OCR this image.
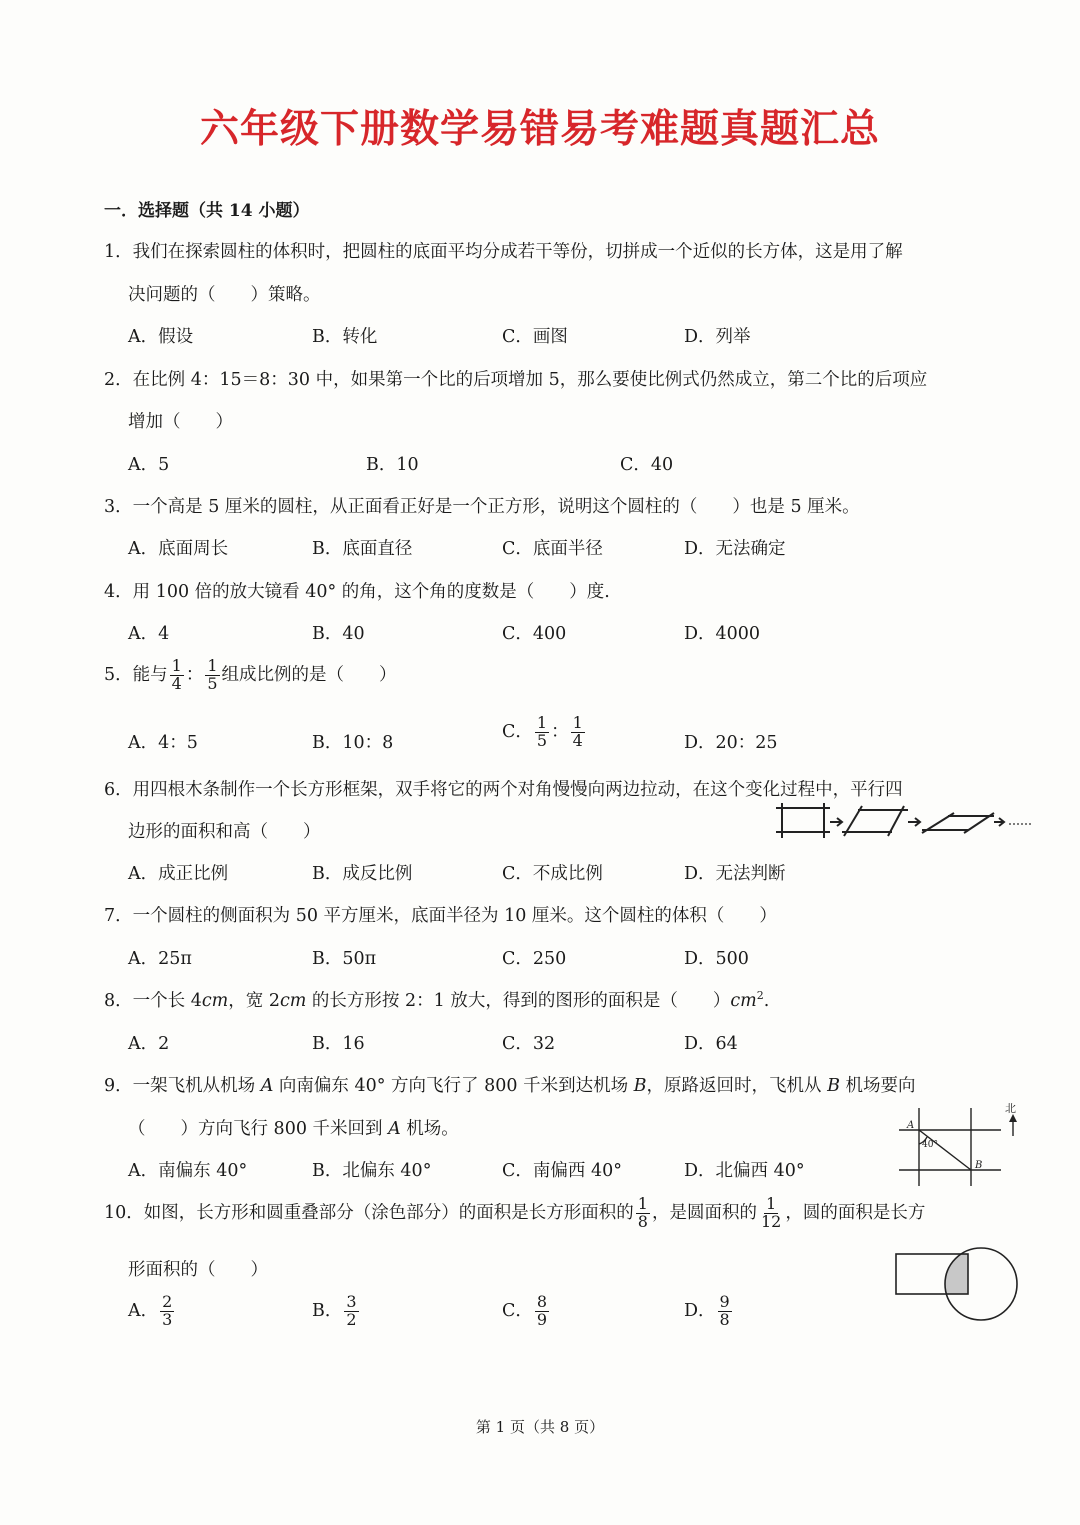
六年级下册数学易错易考难题真题汇总
一．选择题（共 14 小题）
1．我们在探索圆柱的体积时，把圆柱的底面平均分成若干等份，切拼成一个近似的长方体，这是用了解
决问题的（　　）策略。
A．假设	B．转化	C．画图	D．列举
2．在比例 4：15＝8：30 中，如果第一个比的后项增加 5，那么要使比例式仍然成立，第二个比的后项应
增加（　　）
A．5	B．10	C．40
3．一个高是 5 厘米的圆柱，从正面看正好是一个正方形，说明这个圆柱的（　　）也是 5 厘米。
A．底面周长	B．底面直径	C．底面半径	D．无法确定
4．用 100 倍的放大镜看 40° 的角，这个角的度数是（　　）度.
A．4	B．40	C．400	D．4000
5．能与 $\frac{1}{4}$ ： $\frac{1}{5}$ 组成比例的是（　　）
A．4：5	B．10：8
C． $\frac{1}{5}$ ： $\frac{1}{4}$	D．20：25
6．用四根木条制作一个长方形框架，双手将它的两个对角慢慢向两边拉动，在这个变化过程中，平行四
边形的面积和高（　　）
A．成正比例	B．成反比例	C．不成比例	D．无法判断
7．一个圆柱的侧面积为 50 平方厘米，底面半径为 10 厘米。这个圆柱的体积（　　）
A．25π	B．50π	C．250	D．500
8．一个长 4cm，宽 2cm 的长方形按 2：1 放大，得到的图形的面积是（　　）$cm^2$.
A．2	B．16	C．32	D．64
9．一架飞机从机场 A 向南偏东 40° 方向飞行了 800 千米到达机场 B，原路返回时，飞机从 B 机场要向
（　　）方向飞行 800 千米回到 A 机场。
北
A
B
40°
A．南偏东 40°	B．北偏东 40°	C．南偏西 40°	D．北偏西 40°
10．如图，长方形和圆重叠部分（涂色部分）的面积是长方形面积的 $\frac{1}{8}$ ，是圆面积的 $\frac{1}{12}$ ，圆的面积是长方
形面积的（　　）
A． $\frac{2}{3}$	B． $\frac{3}{2}$	C． $\frac{8}{9}$	D． $\frac{9}{8}$
第 1 页（共 8 页）
